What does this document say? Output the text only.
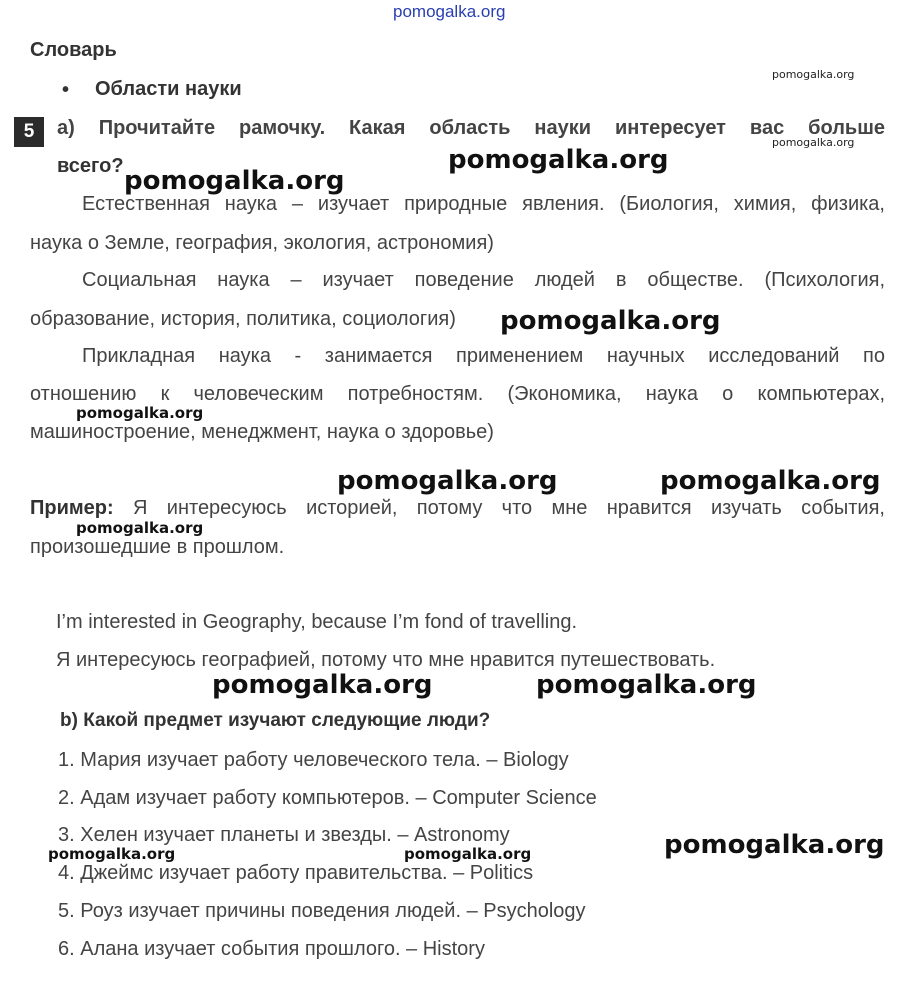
pomogalka.org
Словарь
• Области науки
5	a) Прочитайте рамочку. Какая область науки интересует вас больше
всего?
Естественная наука – изучает природные явления. (Биология, химия, физика,
наука о Земле, география, экология, астрономия)
Социальная наука – изучает поведение людей в обществе. (Психология,
образование, история, политика, социология)
Прикладная наука - занимается применением научных исследований по
отношению к человеческим потребностям. (Экономика, наука о компьютерах,
машиностроение, менеджмент, наука о здоровье)
Пример: Я интересуюсь историей, потому что мне нравится изучать события,
произошедшие в прошлом.
I’m interested in Geography, because I’m fond of travelling.
Я интересуюсь географией, потому что мне нравится путешествовать.
b) Какой предмет изучают следующие люди?
1. Мария изучает работу человеческого тела. – Biology
2. Адам изучает работу компьютеров. – Computer Science
3. Хелен изучает планеты и звезды. – Astronomy
4. Джеймс изучает работу правительства. – Politics
5. Роуз изучает причины поведения людей. – Psychology
6. Алана изучает события прошлого. – History
pomogalka.org
pomogalka.org
pomogalka.org
pomogalka.org
pomogalka.org
pomogalka.org
pomogalka.org	pomogalka.org
pomogalka.org
pomogalka.org	pomogalka.org
pomogalka.org
pomogalka.org	pomogalka.org
